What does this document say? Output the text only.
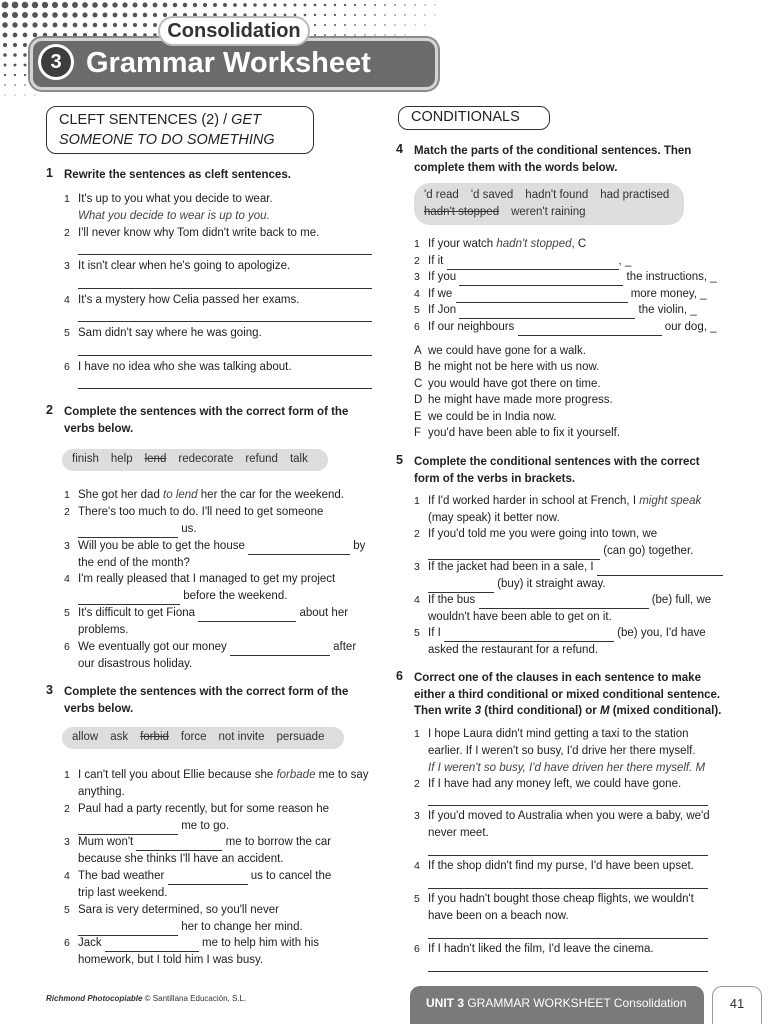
Consolidation
3 Grammar Worksheet
CLEFT SENTENCES (2) / GET
SOMEONE TO DO SOMETHING
1 Rewrite the sentences as cleft sentences.
1 It's up to you what you decide to wear.
What you decide to wear is up to you.
2 I'll never know why Tom didn't write back to me.
3 It isn't clear when he's going to apologize.
4 It's a mystery how Celia passed her exams.
5 Sam didn't say where he was going.
6 I have no idea who she was talking about.
2 Complete the sentences with the correct form of the
verbs below.
finish help lend redecorate refund talk
1 She got her dad to lend her the car for the weekend.
2 There's too much to do. I'll need to get someone
us.
3 Will you be able to get the house	by
the end of the month?
4 I'm really pleased that I managed to get my project
before the weekend.
5 It's difficult to get Fiona	about her
problems.
6 We eventually got our money	after
our disastrous holiday.
3 Complete the sentences with the correct form of the
verbs below.
allow ask forbid force not invite persuade
1 I can't tell you about Ellie because she forbade me to say
anything.
2 Paul had a party recently, but for some reason he
me to go.
3 Mum won't	me to borrow the car
because she thinks I'll have an accident.
4 The bad weather	us to cancel the
trip last weekend.
5 Sara is very determined, so you'll never
her to change her mind.
6 Jack	me to help him with his
homework, but I told him I was busy.
CONDITIONALS
4 Match the parts of the conditional sentences. Then
complete them with the words below.
'd read 'd saved hadn't found had practised
hadn't stopped weren't raining
1 If your watch hadn't stopped, C
2 If it	, _
3 If you	the instructions, _
4 If we	more money, _
5 If Jon	the violin, _
6 If our neighbours	our dog, _
A we could have gone for a walk.
B he might not be here with us now.
C you would have got there on time.
D he might have made more progress.
E we could be in India now.
F you'd have been able to fix it yourself.
5 Complete the conditional sentences with the correct
form of the verbs in brackets.
1 If I'd worked harder in school at French, I might speak
(may speak) it better now.
2 If you'd told me you were going into town, we
(can go) together.
3 If the jacket had been in a sale, I
(buy) it straight away.
4 If the bus	(be) full, we
wouldn't have been able to get on it.
5 If I	(be) you, I'd have
asked the restaurant for a refund.
6 Correct one of the clauses in each sentence to make
either a third conditional or mixed conditional sentence.
Then write 3 (third conditional) or M (mixed conditional).
1 I hope Laura didn't mind getting a taxi to the station
earlier. If I weren't so busy, I'd drive her there myself.
If I weren't so busy, I'd have driven her there myself. M
2 If I have had any money left, we could have gone.
3 If you'd moved to Australia when you were a baby, we'd
never meet.
4 If the shop didn't find my purse, I'd have been upset.
5 If you hadn't bought those cheap flights, we wouldn't
have been on a beach now.
6 If I hadn't liked the film, I'd leave the cinema.
Richmond Photocopiable © Santillana Educación, S.L.	UNIT 3 GRAMMAR WORKSHEET Consolidation	41
